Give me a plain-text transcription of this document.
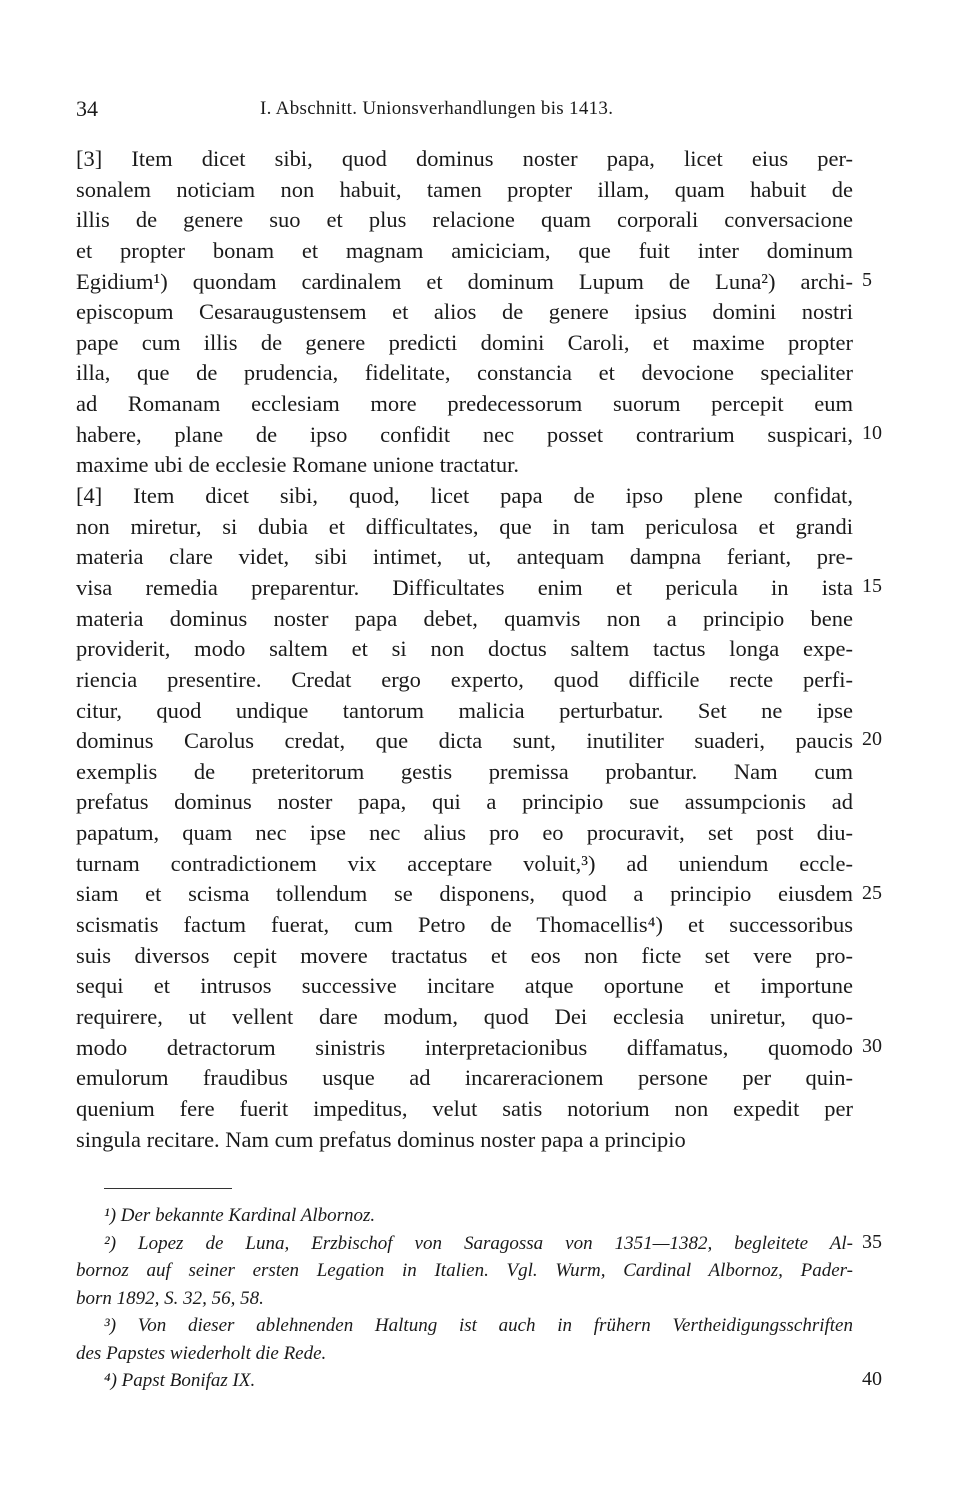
34	I. Abschnitt. Unionsverhandlungen bis 1413.
[3] Item dicet sibi, quod dominus noster papa, licet eius per-
sonalem noticiam non habuit, tamen propter illam, quam habuit de
illis de genere suo et plus relacione quam corporali conversacione
et propter bonam et magnam amiciciam, que fuit inter dominum
Egidium¹) quondam cardinalem et dominum Lupum de Luna²) archi-
episcopum Cesaraugustensem et alios de genere ipsius domini nostri
pape cum illis de genere predicti domini Caroli, et maxime propter
illa, que de prudencia, fidelitate, constancia et devocione specialiter
ad Romanam ecclesiam more predecessorum suorum percepit eum
habere, plane de ipso confidit nec posset contrarium suspicari,
maxime ubi de ecclesie Romane unione tractatur.
[4] Item dicet sibi, quod, licet papa de ipso plene confidat,
non miretur, si dubia et difficultates, que in tam periculosa et grandi
materia clare videt, sibi intimet, ut, antequam dampna feriant, pre-
visa remedia preparentur. Difficultates enim et pericula in ista
materia dominus noster papa debet, quamvis non a principio bene
providerit, modo saltem et si non doctus saltem tactus longa expe-
riencia presentire. Credat ergo experto, quod difficile recte perfi-
citur, quod undique tantorum malicia perturbatur. Set ne ipse
dominus Carolus credat, que dicta sunt, inutiliter suaderi, paucis
exemplis de preteritorum gestis premissa probantur. Nam cum
prefatus dominus noster papa, qui a principio sue assumpcionis ad
papatum, quam nec ipse nec alius pro eo procuravit, set post diu-
turnam contradictionem vix acceptare voluit,³) ad uniendum eccle-
siam et scisma tollendum se disponens, quod a principio eiusdem
scismatis factum fuerat, cum Petro de Thomacellis⁴) et successoribus
suis diversos cepit movere tractatus et eos non ficte set vere pro-
sequi et intrusos successive incitare atque oportune et importune
requirere, ut vellent dare modum, quod Dei ecclesia uniretur, quo-
modo detractorum sinistris interpretacionibus diffamatus, quomodo
emulorum fraudibus usque ad incareracionem persone per quin-
quenium fere fuerit impeditus, velut satis notorium non expedit per
singula recitare. Nam cum prefatus dominus noster papa a principio
5
10
15
20
25
30
¹) Der bekannte Kardinal Albornoz.
²) Lopez de Luna, Erzbischof von Saragossa von 1351—1382, begleitete Al-
bornoz auf seiner ersten Legation in Italien. Vgl. Wurm, Cardinal Albornoz, Pader-
born 1892, S. 32, 56, 58.
³) Von dieser ablehnenden Haltung ist auch in frühern Vertheidigungsschriften
des Papstes wiederholt die Rede.
⁴) Papst Bonifaz IX.
35
40
